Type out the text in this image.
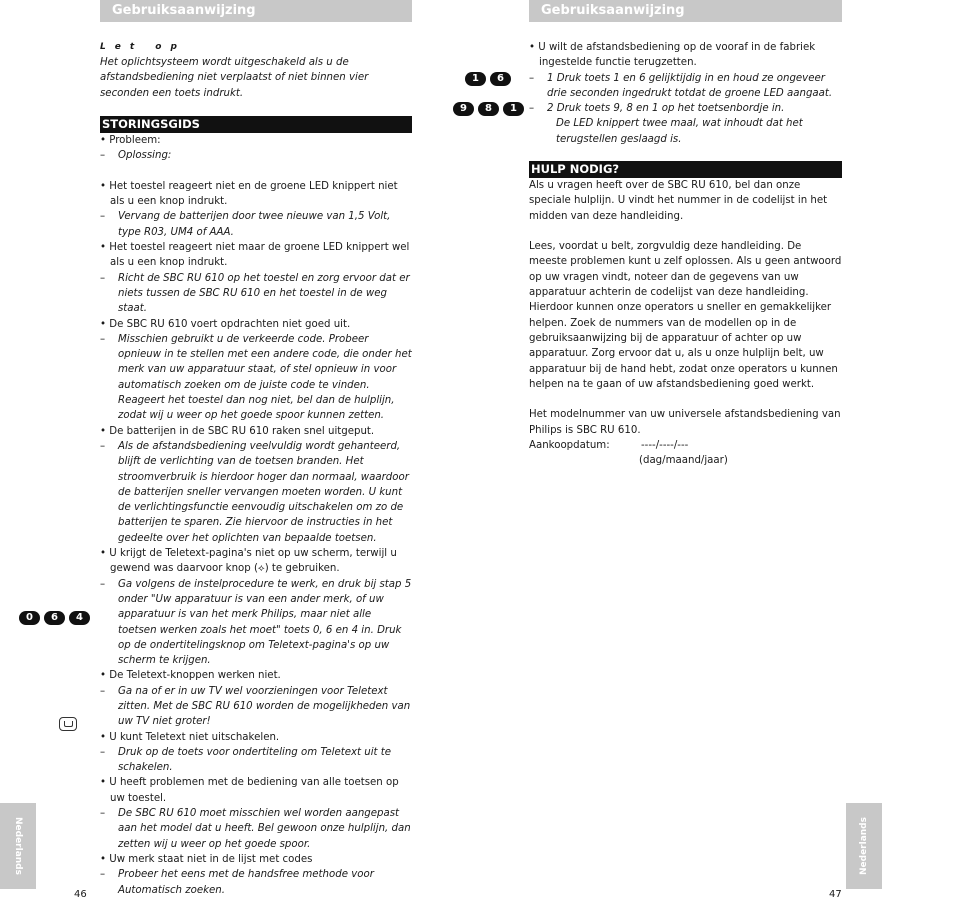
Gebruiksaanwijzing
Let op
Het oplichtsysteem wordt uitgeschakeld als u de afstandsbediening niet verplaatst of niet binnen vier seconden een toets indrukt.
STORINGSGIDS
• Probleem:
– Oplossing:
• Het toestel reageert niet en de groene LED knippert niet als u een knop indrukt.
– Vervang de batterijen door twee nieuwe van 1,5 Volt, type R03, UM4 of AAA.
• Het toestel reageert niet maar de groene LED knippert wel als u een knop indrukt.
– Richt de SBC RU 610 op het toestel en zorg ervoor dat er niets tussen de SBC RU 610 en het toestel in de weg staat.
• De SBC RU 610 voert opdrachten niet goed uit.
– Misschien gebruikt u de verkeerde code. Probeer opnieuw in te stellen met een andere code, die onder het merk van uw apparatuur staat, of stel opnieuw in voor automatisch zoeken om de juiste code te vinden.
Reageert het toestel dan nog niet, bel dan de hulplijn, zodat wij u weer op het goede spoor kunnen zetten.
• De batterijen in de SBC RU 610 raken snel uitgeput.
– Als de afstandsbediening veelvuldig wordt gehanteerd, blijft de verlichting van de toetsen branden. Het stroomverbruik is hierdoor hoger dan normaal, waardoor de batterijen sneller vervangen moeten worden. U kunt de verlichtingsfunctie eenvoudig uitschakelen om zo de batterijen te sparen. Zie hiervoor de instructies in het gedeelte over het oplichten van bepaalde toetsen.
• U krijgt de Teletext-pagina's niet op uw scherm, terwijl u gewend was daarvoor knop (⟡) te gebruiken.
– Ga volgens de instelprocedure te werk, en druk bij stap 5 onder "Uw apparatuur is van een ander merk, of uw apparatuur is van het merk Philips, maar niet alle toetsen werken zoals het moet" toets 0, 6 en 4 in. Druk op de ondertitelingsknop om Teletext-pagina's op uw scherm te krijgen.
• De Teletext-knoppen werken niet.
– Ga na of er in uw TV wel voorzieningen voor Teletext zitten. Met de SBC RU 610 worden de mogelijkheden van uw TV niet groter!
• U kunt Teletext niet uitschakelen.
– Druk op de toets voor ondertiteling om Teletext uit te schakelen.
• U heeft problemen met de bediening van alle toetsen op uw toestel.
– De SBC RU 610 moet misschien wel worden aangepast aan het model dat u heeft. Bel gewoon onze hulplijn, dan zetten wij u weer op het goede spoor.
• Uw merk staat niet in de lijst met codes
– Probeer het eens met de handsfree methode voor Automatisch zoeken.
0	6	4
Nederlands
46
Gebruiksaanwijzing
• U wilt de afstandsbediening op de vooraf in de fabriek ingestelde functie terugzetten.
– 1 Druk toets 1 en 6 gelijktijdig in en houd ze ongeveer drie seconden ingedrukt totdat de groene LED aangaat.
– 2 Druk toets 9, 8 en 1 op het toetsenbordje in.
De LED knippert twee maal, wat inhoudt dat het terugstellen geslaagd is.
1	6
9	8	1
HULP NODIG?
Als u vragen heeft over de SBC RU 610, bel dan onze speciale hulplijn. U vindt het nummer in de codelijst in het midden van deze handleiding.
Lees, voordat u belt, zorgvuldig deze handleiding. De meeste problemen kunt u zelf oplossen. Als u geen antwoord op uw vragen vindt, noteer dan de gegevens van uw apparatuur achterin de codelijst van deze handleiding. Hierdoor kunnen onze operators u sneller en gemakkelijker helpen. Zoek de nummers van de modellen op in de gebruiksaanwijzing bij de apparatuur of achter op uw apparatuur. Zorg ervoor dat u, als u onze hulplijn belt, uw apparatuur bij de hand hebt, zodat onze operators u kunnen helpen na te gaan of uw afstandsbediening goed werkt.
Het modelnummer van uw universele afstandsbediening van Philips is SBC RU 610.
Aankoopdatum:	----/----/---
(dag/maand/jaar)
Nederlands
47
